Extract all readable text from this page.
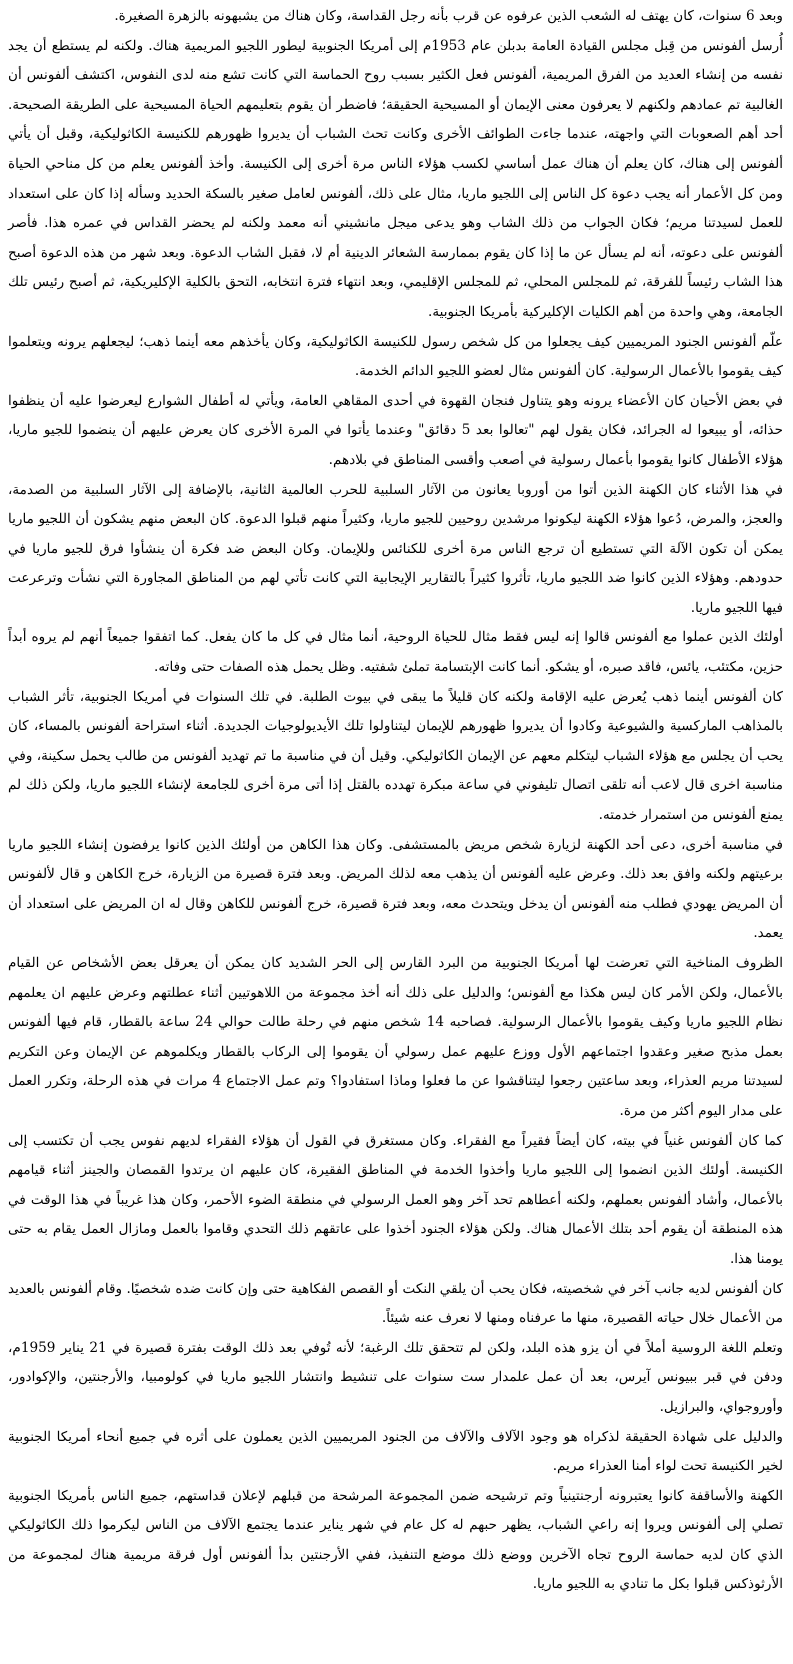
وبعد 6 سنوات، كان يهتف له الشعب الذين عرفوه عن قرب بأنه رجل القداسة، وكان هناك من يشبهونه بالزهرة الصغيرة.

أُرسل ألفونس من قِبل مجلس القيادة العامة بدبلن عام 1953م إلى أمريكا الجنوبية ليطور اللجيو المريمية هناك. ولكنه لم يستطع أن يجد نفسه من إنشاء العديد من الفرق المريمية، ألفونس فعل الكثير بسبب روح الحماسة التي كانت تشع منه لدى النفوس، اكتشف ألفونس أن الغالبية تم عمادهم ولكنهم لا يعرفون معنى الإيمان أو المسيحية الحقيقة؛ فاضطر أن يقوم بتعليمهم الحياة المسيحية على الطريقة الصحيحة. أحد أهم الصعوبات التي واجهته، عندما جاءت الطوائف الأخرى وكانت تحث الشباب أن يديروا ظهورهم للكنيسة الكاثوليكية، وقبل أن يأتي ألفونس إلى هناك، كان يعلم أن هناك عمل أساسي لكسب هؤلاء الناس مرة أخرى إلى الكنيسة. وأخذ ألفونس يعلم من كل مناحي الحياة ومن كل الأعمار أنه يجب دعوة كل الناس إلى اللجيو ماريا، مثال على ذلك، ألفونس لعامل صغير بالسكة الحديد وسأله إذا كان على استعداد للعمل لسيدتنا مريم؛ فكان الجواب من ذلك الشاب وهو يدعى ميجل مانشيني أنه معمد ولكنه لم يحضر القداس في عمره هذا. فأصر ألفونس على دعوته، أنه لم يسأل عن ما إذا كان يقوم بممارسة الشعائر الدينية أم لا، فقبل الشاب الدعوة. وبعد شهر من هذه الدعوة أصبح هذا الشاب رئيساً للفرقة، ثم للمجلس المحلي، ثم للمجلس الإقليمي، وبعد انتهاء فترة انتخابه، التحق بالكلية الإكليريكية، ثم أصبح رئيس تلك الجامعة، وهي واحدة من أهم الكليات الإكليركية بأمريكا الجنوبية.

علّم ألفونس الجنود المريميين كيف يجعلوا من كل شخص رسول للكنيسة الكاثوليكية، وكان يأخذهم معه أينما ذهب؛ ليجعلهم يرونه ويتعلموا كيف يقوموا بالأعمال الرسولية. كان ألفونس مثال لعضو اللجيو الدائم الخدمة.

في بعض الأحيان كان الأعضاء يرونه وهو يتناول فنجان القهوة في أحدى المقاهي العامة، ويأتي له أطفال الشوارع ليعرضوا عليه أن ينظفوا حذائه، أو يبيعوا له الجرائد، فكان يقول لهم "تعالوا بعد 5 دقائق" وعندما يأتوا في المرة الأخرى كان يعرض عليهم أن ينضموا للجيو ماريا، هؤلاء الأطفال كانوا يقوموا بأعمال رسولية في أصعب وأقسى المناطق في بلادهم.

في هذا الأثناء كان الكهنة الذين أتوا من أوروبا يعانون من الآثار السلبية للحرب العالمية الثانية، بالإضافة إلى الآثار السلبية من الصدمة، والعجز، والمرض، دُعوا هؤلاء الكهنة ليكونوا مرشدين روحيين للجيو ماريا، وكثيراً منهم قبلوا الدعوة. كان البعض منهم يشكون أن اللجيو ماريا يمكن أن تكون الآلة التي تستطيع أن ترجع الناس مرة أخرى للكنائس وللإيمان. وكان البعض ضد فكرة أن ينشأوا فرق للجيو ماريا في حدودهم. وهؤلاء الذين كانوا ضد اللجيو ماريا، تأثروا كثيراً بالتقارير الإيجابية التي كانت تأتي لهم من المناطق المجاورة التي نشأت وترعرعت فيها اللجيو ماريا.

أولئك الذين عملوا مع ألفونس قالوا إنه ليس فقط مثال للحياة الروحية، أنما مثال في كل ما كان يفعل. كما اتفقوا جميعاً أنهم لم يروه أبداً حزين، مكتئب، يائس، فاقد صبره، أو يشكو. أنما كانت الإبتسامة تملئ شفتيه. وظل يحمل هذه الصفات حتى وفاته.

كان ألفونس أينما ذهب يُعرض عليه الإقامة ولكنه كان قليلاً ما يبقى في بيوت الطلبة. في تلك السنوات في أمريكا الجنوبية، تأثر الشباب بالمذاهب الماركسية والشيوعية وكادوا أن يديروا ظهورهم للإيمان ليتناولوا تلك الأيديولوجيات الجديدة. أثناء استراحة ألفونس بالمساء، كان يحب أن يجلس مع هؤلاء الشباب ليتكلم معهم عن الإيمان الكاثوليكي. وقيل أن في مناسبة ما تم تهديد ألفونس من طالب يحمل سكينة، وفي مناسبة اخرى قال لاعب أنه تلقى اتصال تليفوني في ساعة مبكرة تهدده بالقتل إذا أتى مرة أخرى للجامعة لإنشاء اللجيو ماريا، ولكن ذلك لم يمنع ألفونس من استمرار خدمته.

في مناسبة أخرى، دعى أحد الكهنة لزيارة شخص مريض بالمستشفى. وكان هذا الكاهن من أولئك الذين كانوا يرفضون إنشاء اللجيو ماريا برعيتهم ولكنه وافق بعد ذلك. وعرض عليه ألفونس أن يذهب معه لذلك المريض. وبعد فترة قصيرة من الزيارة، خرج الكاهن و قال لألفونس أن المريض يهودي فطلب منه ألفونس أن يدخل ويتحدث معه، وبعد فترة قصيرة، خرج ألفونس للكاهن وقال له ان المريض على استعداد أن يعمد.

الظروف المناخية التي تعرضت لها أمريكا الجنوبية من البرد القارس إلى الحر الشديد كان يمكن أن يعرقل بعض الأشخاص عن القيام بالأعمال، ولكن الأمر كان ليس هكذا مع ألفونس؛ والدليل على ذلك أنه أخذ مجموعة من اللاهوتيين أثناء عطلتهم وعرض عليهم ان يعلمهم نظام اللجيو ماريا وكيف يقوموا بالأعمال الرسولية. فصاحبه 14 شخص منهم في رحلة طالت حوالي 24 ساعة بالقطار، قام فيها ألفونس بعمل مذبح صغير وعقدوا اجتماعهم الأول ووزع عليهم عمل رسولي أن يقوموا إلى الركاب بالقطار ويكلموهم عن الإيمان وعن التكريم لسيدتنا مريم العذراء، وبعد ساعتين رجعوا ليتناقشوا عن ما فعلوا وماذا استفادوا؟ وتم عمل الاجتماع 4 مرات في هذه الرحلة، وتكرر العمل على مدار اليوم أكثر من مرة.

كما كان ألفونس غنياً في بيته، كان أيضاً فقيراً مع الفقراء. وكان مستغرق في القول أن هؤلاء الفقراء لديهم نفوس يجب أن تكتسب إلى الكنيسة. أولئك الذين انضموا إلى اللجيو ماريا وأخذوا الخدمة في المناطق الفقيرة، كان عليهم ان يرتدوا القمصان والجينز أثناء قيامهم بالأعمال، وأشاد ألفونس بعملهم، ولكنه أعطاهم تحد آخر وهو العمل الرسولي في منطقة الضوء الأحمر، وكان هذا غريباً في هذا الوقت في هذه المنطقة أن يقوم أحد بتلك الأعمال هناك. ولكن هؤلاء الجنود أخذوا على عاتقهم ذلك التحدي وقاموا بالعمل ومازال العمل يقام به حتى يومنا هذا.

كان ألفونس لديه جانب آخر في شخصيته، فكان يحب أن يلقي النكت أو القصص الفكاهية حتى وإن كانت ضده شخصيًا. وقام ألفونس بالعديد من الأعمال خلال حياته القصيرة، منها ما عرفناه ومنها لا نعرف عنه شيئاً.

وتعلم اللغة الروسية أملاً في أن يزو هذه البلد، ولكن لم تتحقق تلك الرغبة؛ لأنه تُوفي بعد ذلك الوقت بفترة قصيرة في 21 يناير 1959م، ودفن في قبر ببيونس آيرس، بعد أن عمل علمدار ست سنوات على تنشيط وانتشار اللجيو ماريا في كولومبيا، والأرجنتين، والإكوادور، وأوروجواي، والبرازيل.

والدليل على شهادة الحقيقة لذكراه هو وجود الآلاف والآلاف من الجنود المريميين الذين يعملون على أثره في جميع أنحاء أمريكا الجنوبية لخير الكنيسة تحت لواء أمنا العذراء مريم.

الكهنة والأساقفة كانوا يعتبرونه أرجنتينياً وتم ترشيحه ضمن المجموعة المرشحة من قبلهم لإعلان قداستهم، جميع الناس بأمريكا الجنوبية تصلي إلى ألفونس ويروا إنه راعي الشباب، يظهر حبهم له كل عام في شهر يناير عندما يجتمع الآلاف من الناس ليكرموا ذلك الكاثوليكي الذي كان لديه حماسة الروح تجاه الآخرين ووضع ذلك موضع التنفيذ، ففي الأرجنتين بدأ ألفونس أول فرقة مريمية هناك لمجموعة من الأرثوذكس قبلوا بكل ما تنادي به اللجيو ماريا.
